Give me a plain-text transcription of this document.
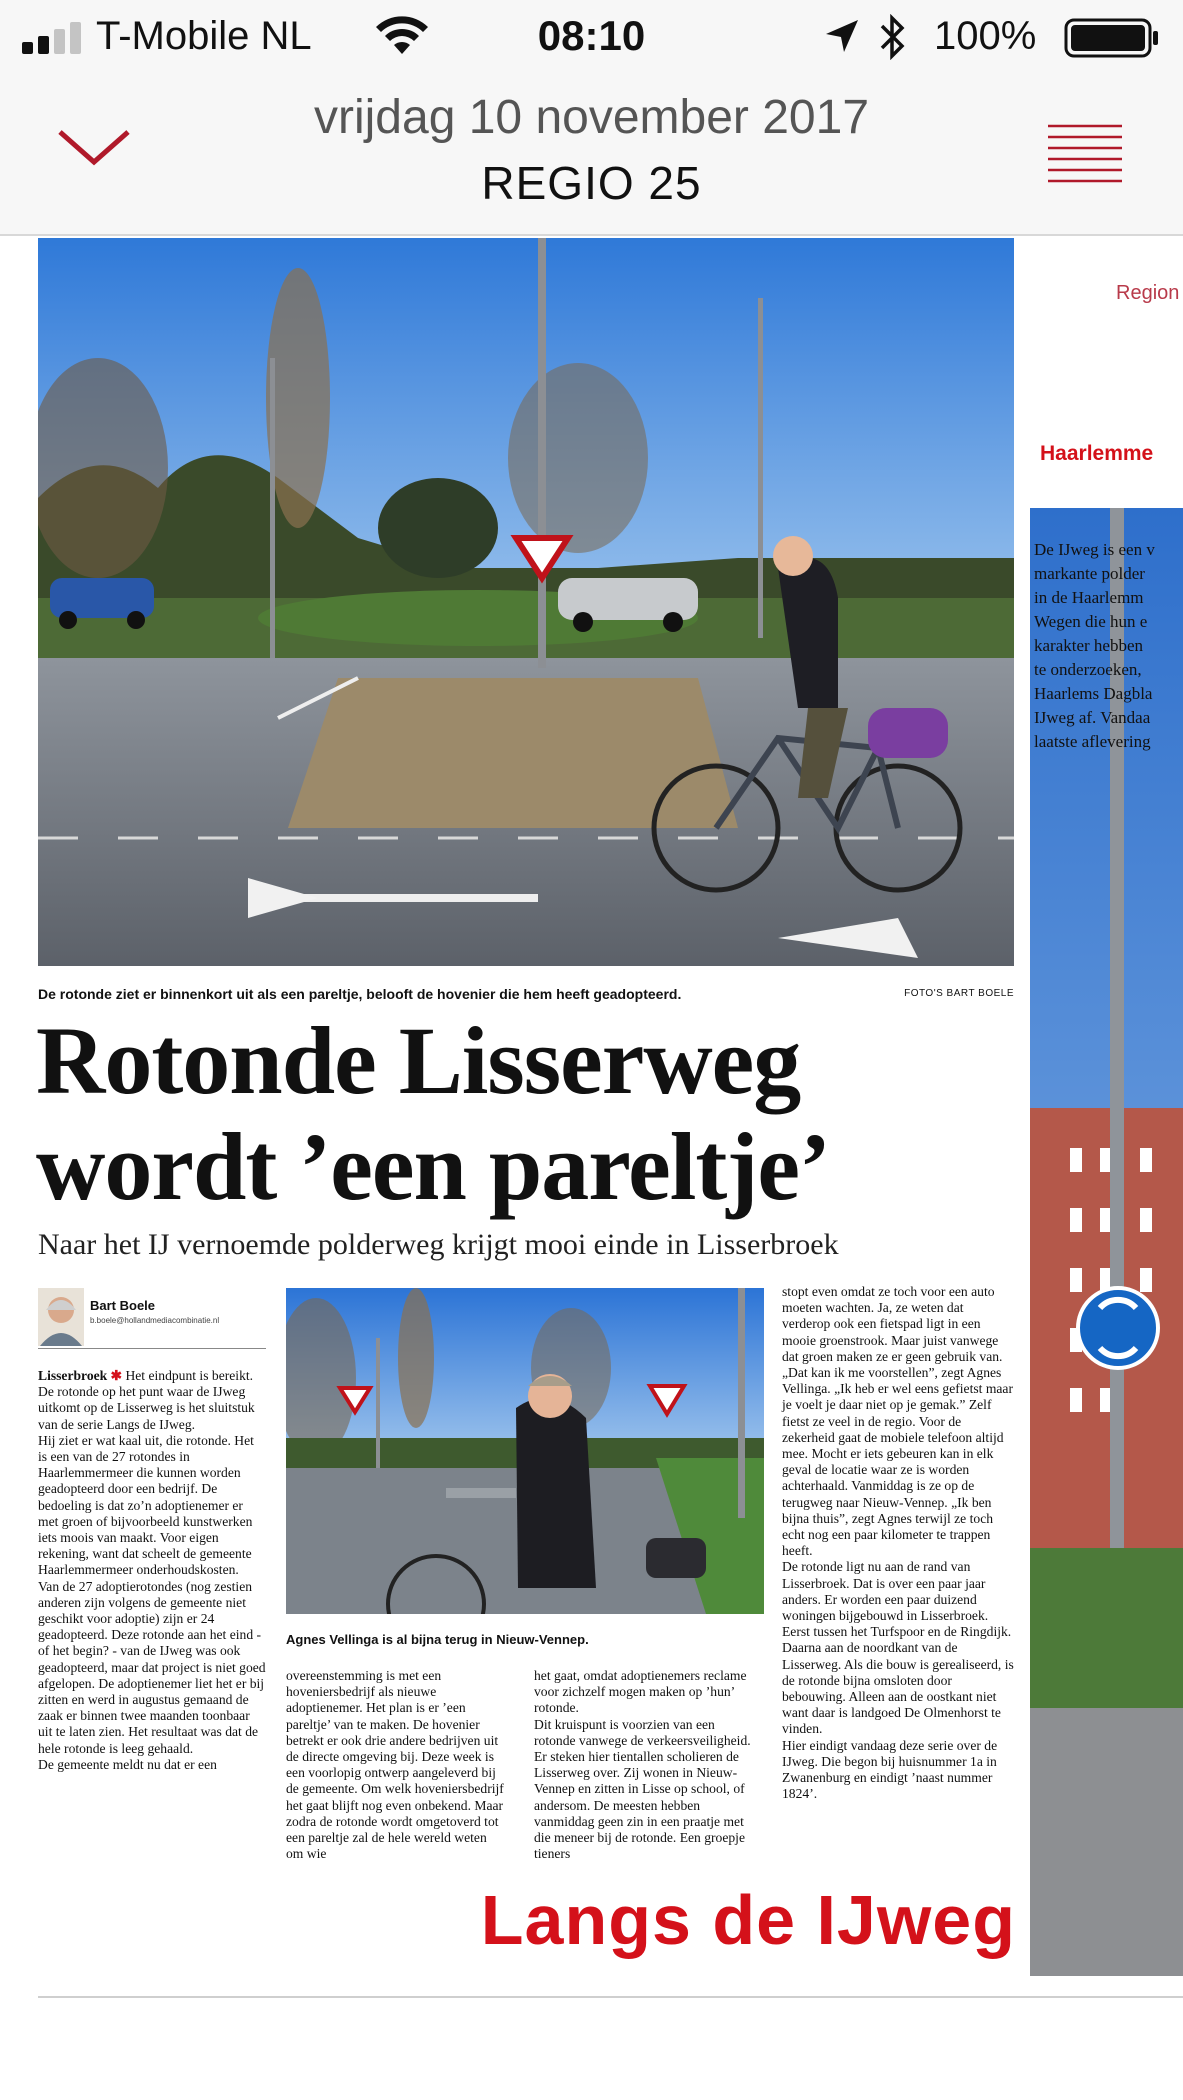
T-Mobile NL	08:10	100%
vrijdag 10 november 2017
REGIO 25
De rotonde ziet er binnenkort uit als een pareltje, belooft de hovenier die hem heeft geadopteerd.	FOTO'S BART BOELE
Rotonde Lisserweg
wordt ’een pareltje’
Naar het IJ vernoemde polderweg krijgt mooi einde in Lisserbroek
Bart Boele
b.boele@hollandmediacombinatie.nl

Lisserbroek ✱ Het eindpunt is bereikt. De rotonde op het punt waar de IJweg uitkomt op de Lisserweg is het sluitstuk van de serie Langs de IJweg.

Hij ziet er wat kaal uit, die rotonde. Het is een van de 27 rotondes in Haarlemmermeer die kunnen worden geadopteerd door een bedrijf. De bedoeling is dat zo’n adoptienemer er met groen of bijvoorbeeld kunstwerken iets moois van maakt. Voor eigen rekening, want dat scheelt de gemeente Haarlemmermeer onderhoudskosten.

Van de 27 adoptierotondes (nog zestien anderen zijn volgens de gemeente niet geschikt voor adoptie) zijn er 24 geadopteerd. Deze rotonde aan het eind - of het begin? - van de IJweg was ook geadopteerd, maar dat project is niet goed afgelopen. De adoptienemer liet het er bij zitten en werd in augustus gemaand de zaak er binnen twee maanden toonbaar uit te laten zien. Het resultaat was dat de hele rotonde is leeg gehaald.

De gemeente meldt nu dat er een

Agnes Vellinga is al bijna terug in Nieuw-Vennep.

overeenstemming is met een hoveniersbedrijf als nieuwe adoptienemer. Het plan is er ’een pareltje’ van te maken. De hovenier betrekt er ook drie andere bedrijven uit de directe omgeving bij. Deze week is een voorlopig ontwerp aangeleverd bij de gemeente. Om welk hoveniersbedrijf het gaat blijft nog even onbekend. Maar zodra de rotonde wordt omgetoverd tot een pareltje zal de hele wereld weten om wie

het gaat, omdat adoptienemers reclame voor zichzelf mogen maken op ’hun’ rotonde.

Dit kruispunt is voorzien van een rotonde vanwege de verkeersveiligheid. Er steken hier tientallen scholieren de Lisserweg over. Zij wonen in Nieuw-Vennep en zitten in Lisse op school, of andersom. De meesten hebben vanmiddag geen zin in een praatje met die meneer bij de rotonde. Een groepje tieners

stopt even omdat ze toch voor een auto moeten wachten. Ja, ze weten dat verderop ook een fietspad ligt in een mooie groenstrook. Maar juist vanwege dat groen maken ze er geen gebruik van.

„Dat kan ik me voorstellen”, zegt Agnes Vellinga. „Ik heb er wel eens gefietst maar je voelt je daar niet op je gemak.” Zelf fietst ze veel in de regio. Voor de zekerheid gaat de mobiele telefoon altijd mee. Mocht er iets gebeuren kan in elk geval de locatie waar ze is worden achterhaald. Vanmiddag is ze op de terugweg naar Nieuw-Vennep. „Ik ben bijna thuis”, zegt Agnes terwijl ze toch echt nog een paar kilometer te trappen heeft.

De rotonde ligt nu aan de rand van Lisserbroek. Dat is over een paar jaar anders. Er worden een paar duizend woningen bijgebouwd in Lisserbroek. Eerst tussen het Turfspoor en de Ringdijk. Daarna aan de noordkant van de Lisserweg. Als die bouw is gerealiseerd, is de rotonde bijna omsloten door bebouwing. Alleen aan de oostkant niet want daar is landgoed De Olmenhorst te vinden.

Hier eindigt vandaag deze serie over de IJweg. Die begon bij huisnummer 1a in Zwanenburg en eindigt ’naast nummer 1824’.

Langs de IJweg
Region
Haarlemme
De IJweg is een v
markante polder
in de Haarlemm
Wegen die hun e
karakter hebben
te onderzoeken,
Haarlems Dagbla
IJweg af. Vandaa
laatste aflevering
